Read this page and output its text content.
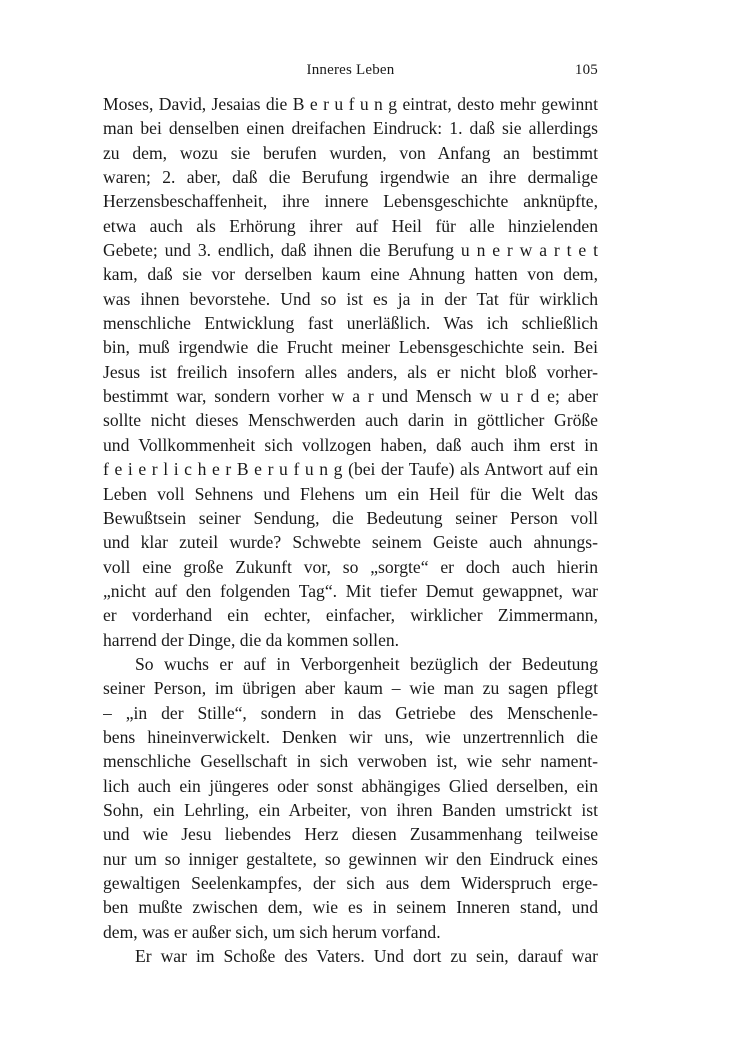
Inneres Leben	105
Moses, David, Jesaias die B e r u f u n g eintrat, desto mehr gewinnt
man bei denselben einen dreifachen Eindruck: 1. daß sie allerdings
zu dem, wozu sie berufen wurden, von Anfang an bestimmt
waren; 2. aber, daß die Berufung irgendwie an ihre dermalige
Herzensbeschaffenheit, ihre innere Lebensgeschichte anknüpfte,
etwa auch als Erhörung ihrer auf Heil für alle hinzielenden
Gebete; und 3. endlich, daß ihnen die Berufung u n e r w a r t e t
kam, daß sie vor derselben kaum eine Ahnung hatten von dem,
was ihnen bevorstehe. Und so ist es ja in der Tat für wirklich
menschliche Entwicklung fast unerläßlich. Was ich schließlich
bin, muß irgendwie die Frucht meiner Lebensgeschichte sein. Bei
Jesus ist freilich insofern alles anders, als er nicht bloß vorher-
bestimmt war, sondern vorher w a r und Mensch w u r d e; aber
sollte nicht dieses Menschwerden auch darin in göttlicher Größe
und Vollkommenheit sich vollzogen haben, daß auch ihm erst in
f e i e r l i c h e r B e r u f u n g (bei der Taufe) als Antwort auf ein
Leben voll Sehnens und Flehens um ein Heil für die Welt das
Bewußtsein seiner Sendung, die Bedeutung seiner Person voll
und klar zuteil wurde? Schwebte seinem Geiste auch ahnungs-
voll eine große Zukunft vor, so „sorgte“ er doch auch hierin
„nicht auf den folgenden Tag“. Mit tiefer Demut gewappnet, war
er vorderhand ein echter, einfacher, wirklicher Zimmermann,
harrend der Dinge, die da kommen sollen.
So wuchs er auf in Verborgenheit bezüglich der Bedeutung
seiner Person, im übrigen aber kaum – wie man zu sagen pflegt
– „in der Stille“, sondern in das Getriebe des Menschenle-
bens hineinverwickelt. Denken wir uns, wie unzertrennlich die
menschliche Gesellschaft in sich verwoben ist, wie sehr nament-
lich auch ein jüngeres oder sonst abhängiges Glied derselben, ein
Sohn, ein Lehrling, ein Arbeiter, von ihren Banden umstrickt ist
und wie Jesu liebendes Herz diesen Zusammenhang teilweise
nur um so inniger gestaltete, so gewinnen wir den Eindruck eines
gewaltigen Seelenkampfes, der sich aus dem Widerspruch erge-
ben mußte zwischen dem, wie es in seinem Inneren stand, und
dem, was er außer sich, um sich herum vorfand.
Er war im Schoße des Vaters. Und dort zu sein, darauf war
